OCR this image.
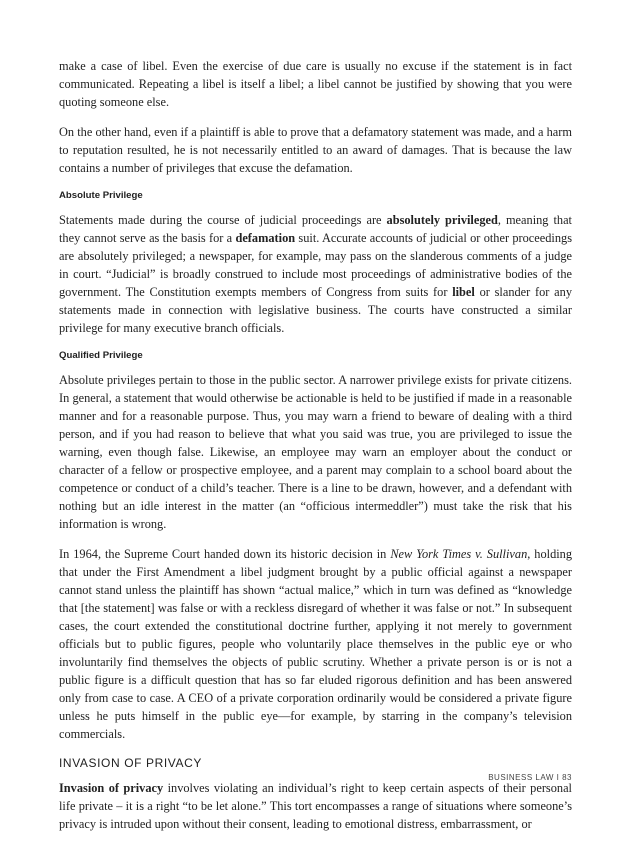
make a case of libel. Even the exercise of due care is usually no excuse if the statement is in fact communicated. Repeating a libel is itself a libel; a libel cannot be justified by showing that you were quoting someone else.

On the other hand, even if a plaintiff is able to prove that a defamatory statement was made, and a harm to reputation resulted, he is not necessarily entitled to an award of damages. That is because the law contains a number of privileges that excuse the defamation.

Absolute Privilege

Statements made during the course of judicial proceedings are absolutely privileged, meaning that they cannot serve as the basis for a defamation suit. Accurate accounts of judicial or other proceedings are absolutely privileged; a newspaper, for example, may pass on the slanderous comments of a judge in court. “Judicial” is broadly construed to include most proceedings of administrative bodies of the government. The Constitution exempts members of Congress from suits for libel or slander for any statements made in connection with legislative business. The courts have constructed a similar privilege for many executive branch officials.

Qualified Privilege

Absolute privileges pertain to those in the public sector. A narrower privilege exists for private citizens. In general, a statement that would otherwise be actionable is held to be justified if made in a reasonable manner and for a reasonable purpose. Thus, you may warn a friend to beware of dealing with a third person, and if you had reason to believe that what you said was true, you are privileged to issue the warning, even though false. Likewise, an employee may warn an employer about the conduct or character of a fellow or prospective employee, and a parent may complain to a school board about the competence or conduct of a child’s teacher. There is a line to be drawn, however, and a defendant with nothing but an idle interest in the matter (an “officious intermeddler”) must take the risk that his information is wrong.

In 1964, the Supreme Court handed down its historic decision in New York Times v. Sullivan, holding that under the First Amendment a libel judgment brought by a public official against a newspaper cannot stand unless the plaintiff has shown “actual malice,” which in turn was defined as “knowledge that [the statement] was false or with a reckless disregard of whether it was false or not.” In subsequent cases, the court extended the constitutional doctrine further, applying it not merely to government officials but to public figures, people who voluntarily place themselves in the public eye or who involuntarily find themselves the objects of public scrutiny. Whether a private person is or is not a public figure is a difficult question that has so far eluded rigorous definition and has been answered only from case to case. A CEO of a private corporation ordinarily would be considered a private figure unless he puts himself in the public eye—for example, by starring in the company’s television commercials.

INVASION OF PRIVACY

Invasion of privacy involves violating an individual’s right to keep certain aspects of their personal life private – it is a right “to be let alone.” This tort encompasses a range of situations where someone’s privacy is intruded upon without their consent, leading to emotional distress, embarrassment, or

BUSINESS LAW I 83
